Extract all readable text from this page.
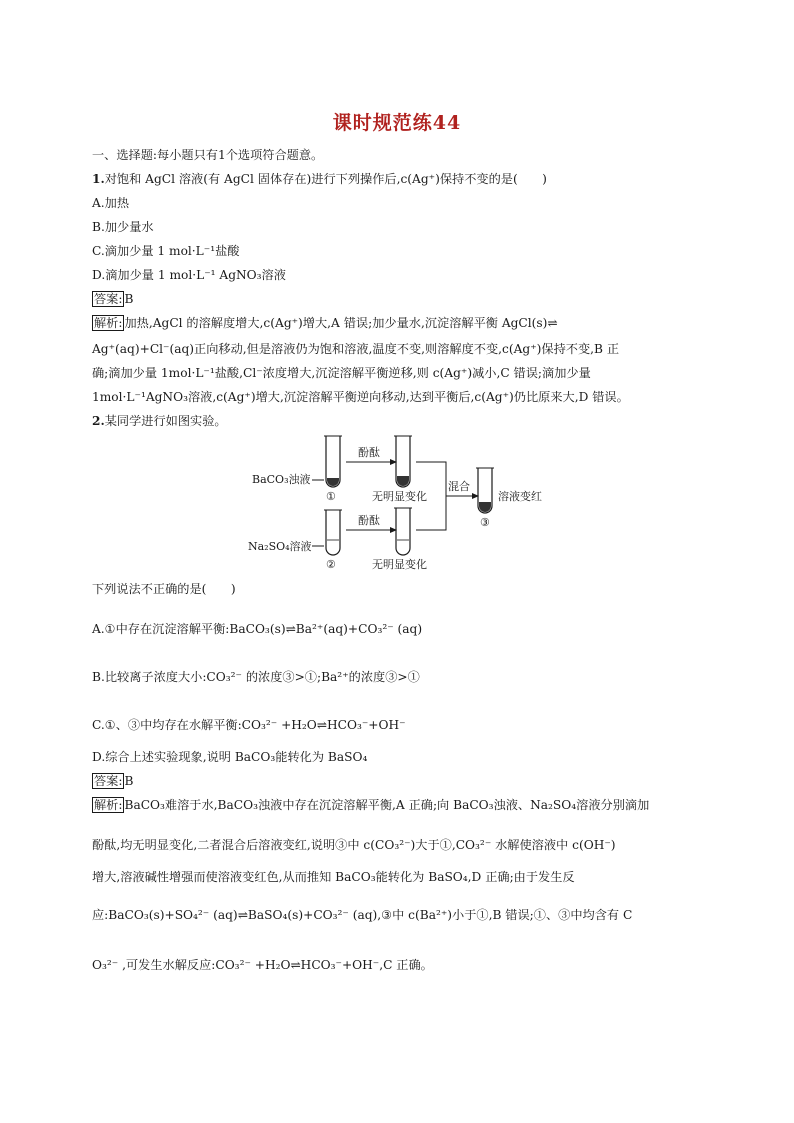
课时规范练44
一、选择题:每小题只有1个选项符合题意。
1.对饱和 AgCl 溶液(有 AgCl 固体存在)进行下列操作后,c(Ag⁺)保持不变的是(　　)
A.加热
B.加少量水
C.滴加少量 1 mol·L⁻¹盐酸
D.滴加少量 1 mol·L⁻¹ AgNO₃溶液
答案: B
解析: 加热,AgCl 的溶解度增大,c(Ag⁺)增大,A 错误;加少量水,沉淀溶解平衡 AgCl(s)⇌
Ag⁺(aq)+Cl⁻(aq)正向移动,但是溶液仍为饱和溶液,温度不变,则溶解度不变,c(Ag⁺)保持不变,B 正
确;滴加少量 1mol·L⁻¹盐酸,Cl⁻浓度增大,沉淀溶解平衡逆移,则 c(Ag⁺)减小,C 错误;滴加少量
1mol·L⁻¹AgNO₃溶液,c(Ag⁺)增大,沉淀溶解平衡逆向移动,达到平衡后,c(Ag⁺)仍比原来大,D 错误。
2.某同学进行如图实验。
BaCO₃浊液
①
酚酞
无明显变化
Na₂SO₄溶液
②
酚酞
无明显变化
混合
③
溶液变红
下列说法不正确的是(　　)
A.①中存在沉淀溶解平衡:BaCO₃(s)⇌Ba²⁺(aq)+CO₃²⁻ (aq)
B.比较离子浓度大小:CO₃²⁻ 的浓度③>①;Ba²⁺的浓度③>①
C.①、③中均存在水解平衡:CO₃²⁻ +H₂O⇌HCO₃⁻+OH⁻
D.综合上述实验现象,说明 BaCO₃能转化为 BaSO₄
答案: B
解析: BaCO₃难溶于水,BaCO₃浊液中存在沉淀溶解平衡,A 正确;向 BaCO₃浊液、Na₂SO₄溶液分别滴加
酚酞,均无明显变化,二者混合后溶液变红,说明③中 c(CO₃²⁻)大于①,CO₃²⁻ 水解使溶液中 c(OH⁻)
增大,溶液碱性增强而使溶液变红色,从而推知 BaCO₃能转化为 BaSO₄,D 正确;由于发生反
应:BaCO₃(s)+SO₄²⁻ (aq)⇌BaSO₄(s)+CO₃²⁻ (aq),③中 c(Ba²⁺)小于①,B 错误;①、③中均含有 C
O₃²⁻ ,可发生水解反应:CO₃²⁻ +H₂O⇌HCO₃⁻+OH⁻,C 正确。
